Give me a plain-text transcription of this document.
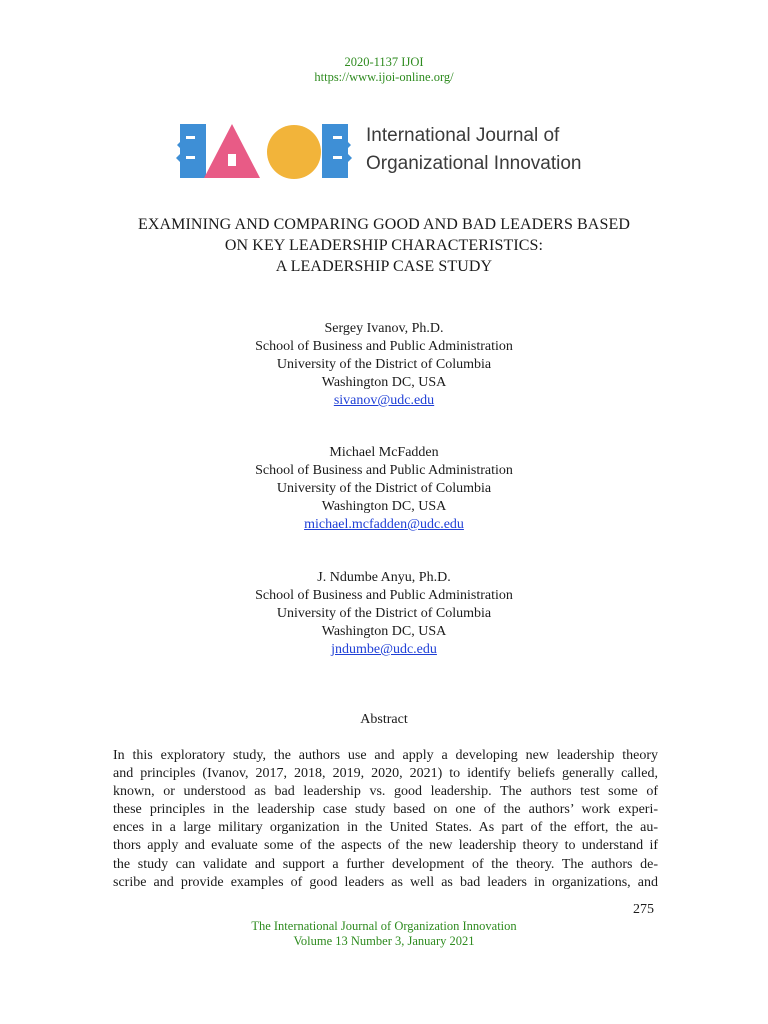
2020-1137 IJOI
https://www.ijoi-online.org/
International Journal of
Organizational Innovation
EXAMINING AND COMPARING GOOD AND BAD LEADERS BASED
ON KEY LEADERSHIP CHARACTERISTICS:
A LEADERSHIP CASE STUDY
Sergey Ivanov, Ph.D.
School of Business and Public Administration
University of the District of Columbia
Washington DC, USA
sivanov@udc.edu
Michael McFadden
School of Business and Public Administration
University of the District of Columbia
Washington DC, USA
michael.mcfadden@udc.edu
J. Ndumbe Anyu, Ph.D.
School of Business and Public Administration
University of the District of Columbia
Washington DC, USA
jndumbe@udc.edu
Abstract
In this exploratory study, the authors use and apply a developing new leadership theory
and principles (Ivanov, 2017, 2018, 2019, 2020, 2021) to identify beliefs generally called,
known, or understood as bad leadership vs. good leadership. The authors test some of
these principles in the leadership case study based on one of the authors’ work experi-
ences in a large military organization in the United States. As part of the effort, the au-
thors apply and evaluate some of the aspects of the new leadership theory to understand if
the study can validate and support a further development of the theory. The authors de-
scribe and provide examples of good leaders as well as bad leaders in organizations, and
275
The International Journal of Organization Innovation
Volume 13 Number 3, January 2021
